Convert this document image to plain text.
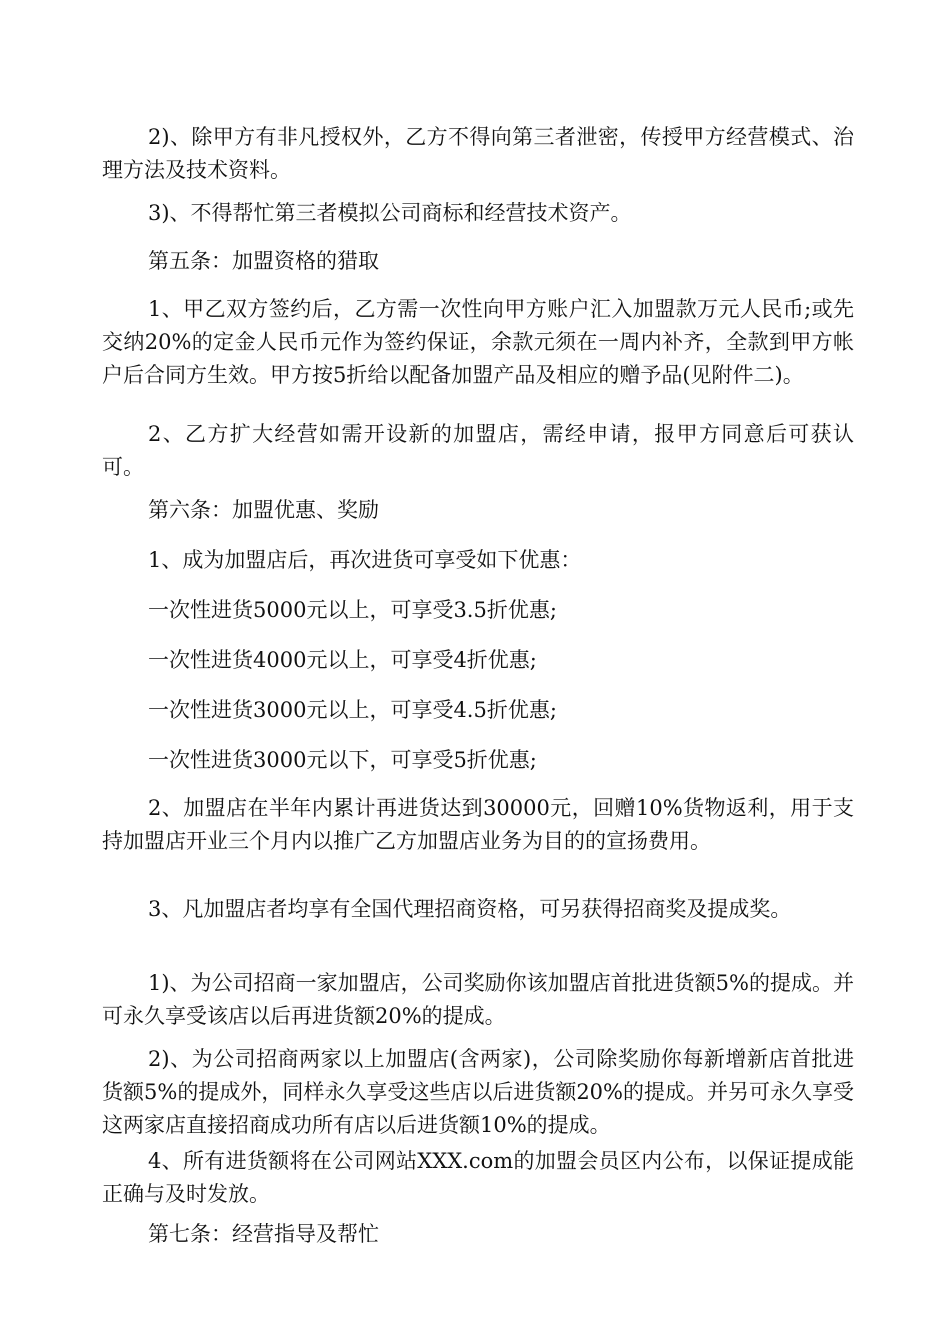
2)、除甲方有非凡授权外，乙方不得向第三者泄密，传授甲方经营模式、治理方法及技术资料。

3)、不得帮忙第三者模拟公司商标和经营技术资产。

第五条：加盟资格的猎取

1、甲乙双方签约后，乙方需一次性向甲方账户汇入加盟款万元人民币;或先交纳20%的定金人民币元作为签约保证，余款元须在一周内补齐，全款到甲方帐户后合同方生效。甲方按5折给以配备加盟产品及相应的赠予品(见附件二)。

2、乙方扩大经营如需开设新的加盟店，需经申请，报甲方同意后可获认可。

第六条：加盟优惠、奖励

1、成为加盟店后，再次进货可享受如下优惠：

一次性进货5000元以上，可享受3.5折优惠;

一次性进货4000元以上，可享受4折优惠;

一次性进货3000元以上，可享受4.5折优惠;

一次性进货3000元以下，可享受5折优惠;

2、加盟店在半年内累计再进货达到30000元，回赠10%货物返利，用于支持加盟店开业三个月内以推广乙方加盟店业务为目的的宣扬费用。

3、凡加盟店者均享有全国代理招商资格，可另获得招商奖及提成奖。

1)、为公司招商一家加盟店，公司奖励你该加盟店首批进货额5%的提成。并可永久享受该店以后再进货额20%的提成。

2)、为公司招商两家以上加盟店(含两家)，公司除奖励你每新增新店首批进货额5%的提成外，同样永久享受这些店以后进货额20%的提成。并另可永久享受这两家店直接招商成功所有店以后进货额10%的提成。

4、所有进货额将在公司网站XXX.com的加盟会员区内公布，以保证提成能正确与及时发放。

第七条：经营指导及帮忙
